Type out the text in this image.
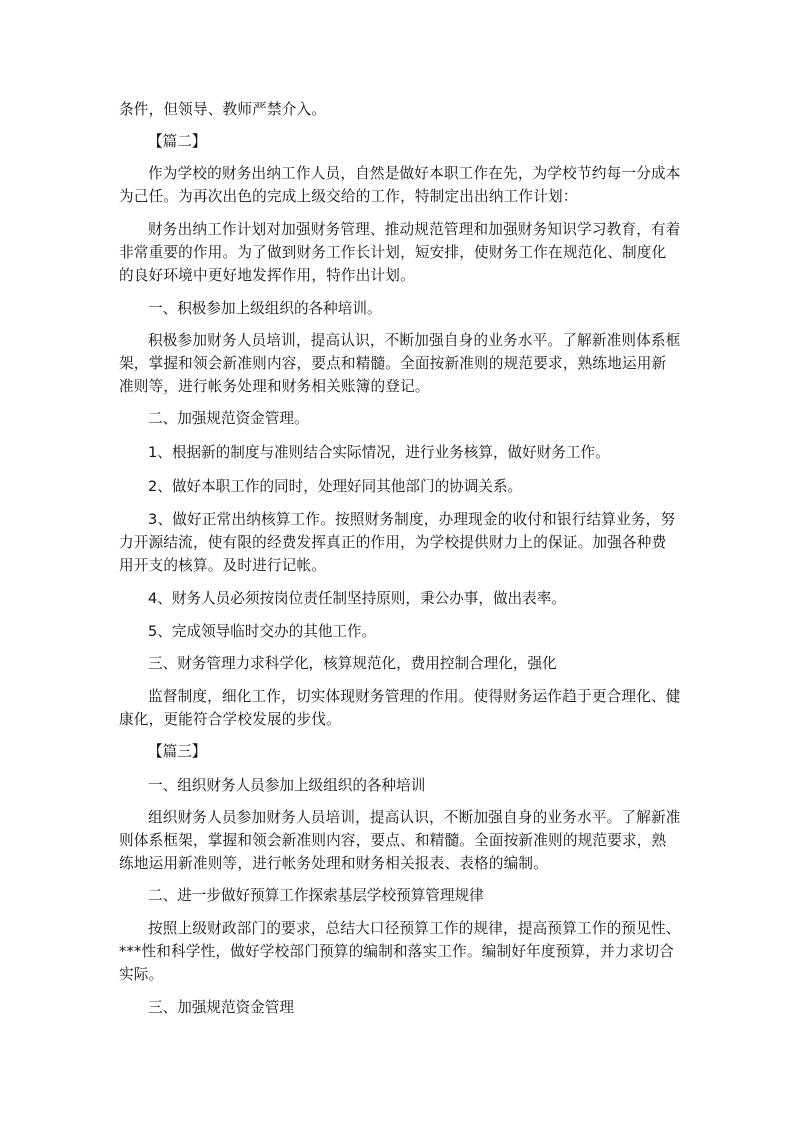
条件，但领导、教师严禁介入。

【篇二】

作为学校的财务出纳工作人员，自然是做好本职工作在先，为学校节约每一分成本为己任。为再次出色的完成上级交给的工作，特制定出出纳工作计划：

财务出纳工作计划对加强财务管理、推动规范管理和加强财务知识学习教育，有着非常重要的作用。为了做到财务工作长计划，短安排，使财务工作在规范化、制度化的良好环境中更好地发挥作用，特作出计划。

一、积极参加上级组织的各种培训。

积极参加财务人员培训，提高认识，不断加强自身的业务水平。了解新准则体系框架，掌握和领会新准则内容，要点和精髓。全面按新准则的规范要求，熟练地运用新准则等，进行帐务处理和财务相关账簿的登记。

二、加强规范资金管理。

1、根据新的制度与准则结合实际情况，进行业务核算，做好财务工作。

2、做好本职工作的同时，处理好同其他部门的协调关系。

3、做好正常出纳核算工作。按照财务制度，办理现金的收付和银行结算业务，努力开源结流，使有限的经费发挥真正的作用，为学校提供财力上的保证。加强各种费用开支的核算。及时进行记帐。

4、财务人员必须按岗位责任制坚持原则，秉公办事，做出表率。

5、完成领导临时交办的其他工作。

三、财务管理力求科学化，核算规范化，费用控制合理化，强化

监督制度，细化工作，切实体现财务管理的作用。使得财务运作趋于更合理化、健康化，更能符合学校发展的步伐。

【篇三】

一、组织财务人员参加上级组织的各种培训

组织财务人员参加财务人员培训，提高认识，不断加强自身的业务水平。了解新准则体系框架，掌握和领会新准则内容，要点、和精髓。全面按新准则的规范要求，熟练地运用新准则等，进行帐务处理和财务相关报表、表格的编制。

二、进一步做好预算工作探索基层学校预算管理规律

按照上级财政部门的要求，总结大口径预算工作的规律，提高预算工作的预见性、***性和科学性，做好学校部门预算的编制和落实工作。编制好年度预算，并力求切合实际。

三、加强规范资金管理
